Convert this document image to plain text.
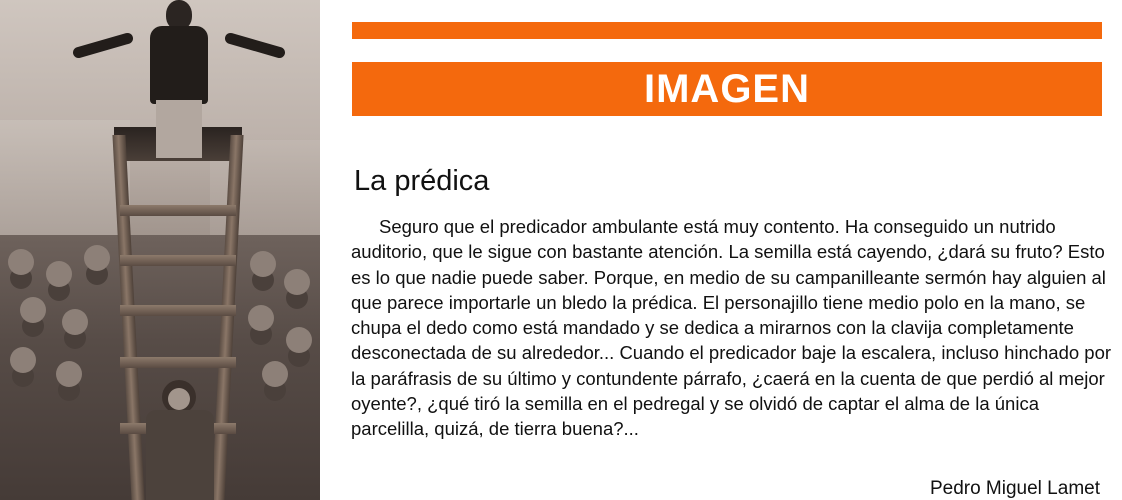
IMAGEN
La prédica

Seguro que el predicador ambulante está muy contento. Ha conseguido un nutrido auditorio, que le sigue con bastante atención. La semilla está cayendo, ¿dará su fruto? Esto es lo que nadie puede saber. Porque, en medio de su campanilleante sermón hay alguien al que parece importarle un bledo la prédica. El personajillo tiene medio polo en la mano, se chupa el dedo como está mandado y se dedica a mirarnos con la clavija completamente desconectada de su alrededor... Cuando el predicador baje la escalera, incluso hinchado por la paráfrasis de su último y contundente párrafo, ¿caerá en la cuenta de que perdió al mejor oyente?, ¿qué tiró la semilla en el pedregal y se olvidó de captar el alma de la única parcelilla, quizá, de tierra buena?...

Pedro Miguel Lamet
